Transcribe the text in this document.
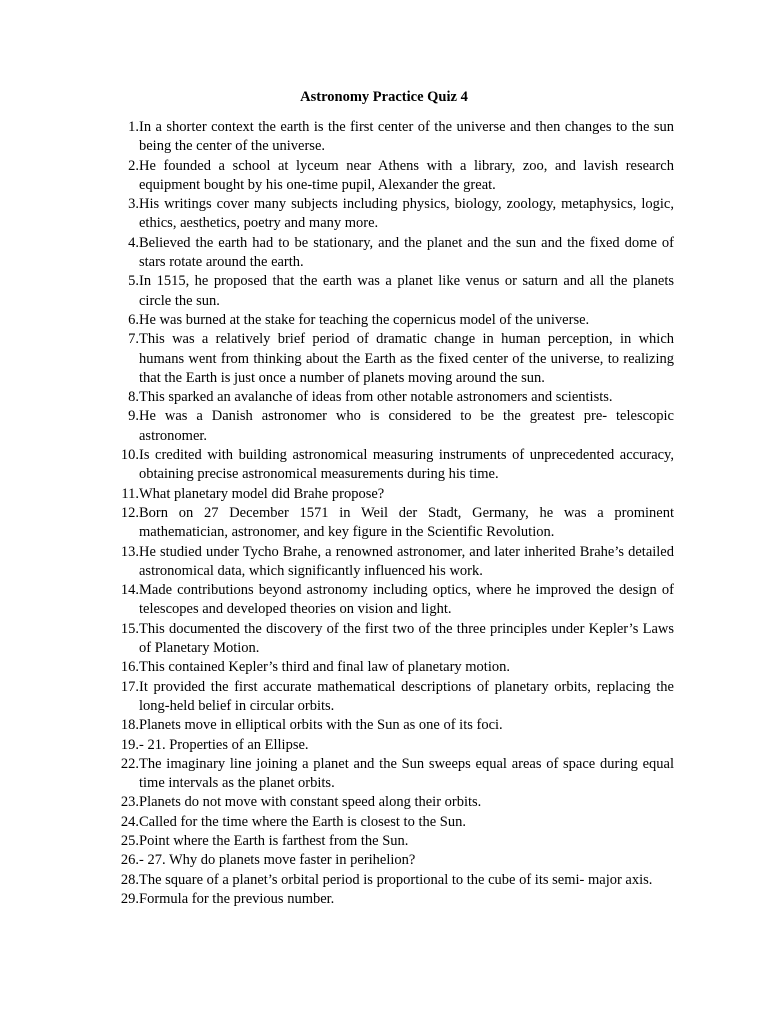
Astronomy Practice Quiz 4
1. In a shorter context the earth is the first center of the universe and then changes to the sun being the center of the universe.
2. He founded a school at lyceum near Athens with a library, zoo, and lavish research equipment bought by his one-time pupil, Alexander the great.
3. His writings cover many subjects including physics, biology, zoology, metaphysics, logic, ethics, aesthetics, poetry and many more.
4. Believed the earth had to be stationary, and the planet and the sun and the fixed dome of stars rotate around the earth.
5. In 1515, he proposed that the earth was a planet like venus or saturn and all the planets circle the sun.
6. He was burned at the stake for teaching the copernicus model of the universe.
7. This was a relatively brief period of dramatic change in human perception, in which humans went from thinking about the Earth as the fixed center of the universe, to realizing that the Earth is just once a number of planets moving around the sun.
8. This sparked an avalanche of ideas from other notable astronomers and scientists.
9. He was a Danish astronomer who is considered to be the greatest pre- telescopic astronomer.
10. Is credited with building astronomical measuring instruments of unprecedented accuracy, obtaining precise astronomical measurements during his time.
11. What planetary model did Brahe propose?
12. Born on 27 December 1571 in Weil der Stadt, Germany, he was a prominent mathematician, astronomer, and key figure in the Scientific Revolution.
13. He studied under Tycho Brahe, a renowned astronomer, and later inherited Brahe’s detailed astronomical data, which significantly influenced his work.
14. Made contributions beyond astronomy including optics, where he improved the design of telescopes and developed theories on vision and light.
15. This documented the discovery of the first two of the three principles under Kepler’s Laws of Planetary Motion.
16. This contained Kepler’s third and final law of planetary motion.
17. It provided the first accurate mathematical descriptions of planetary orbits, replacing the long-held belief in circular orbits.
18. Planets move in elliptical orbits with the Sun as one of its foci.
19. - 21. Properties of an Ellipse.
22. The imaginary line joining a planet and the Sun sweeps equal areas of space during equal time intervals as the planet orbits.
23. Planets do not move with constant speed along their orbits.
24. Called for the time where the Earth is closest to the Sun.
25. Point where the Earth is farthest from the Sun.
26. - 27. Why do planets move faster in perihelion?
28. The square of a planet’s orbital period is proportional to the cube of its semi- major axis.
29. Formula for the previous number.
